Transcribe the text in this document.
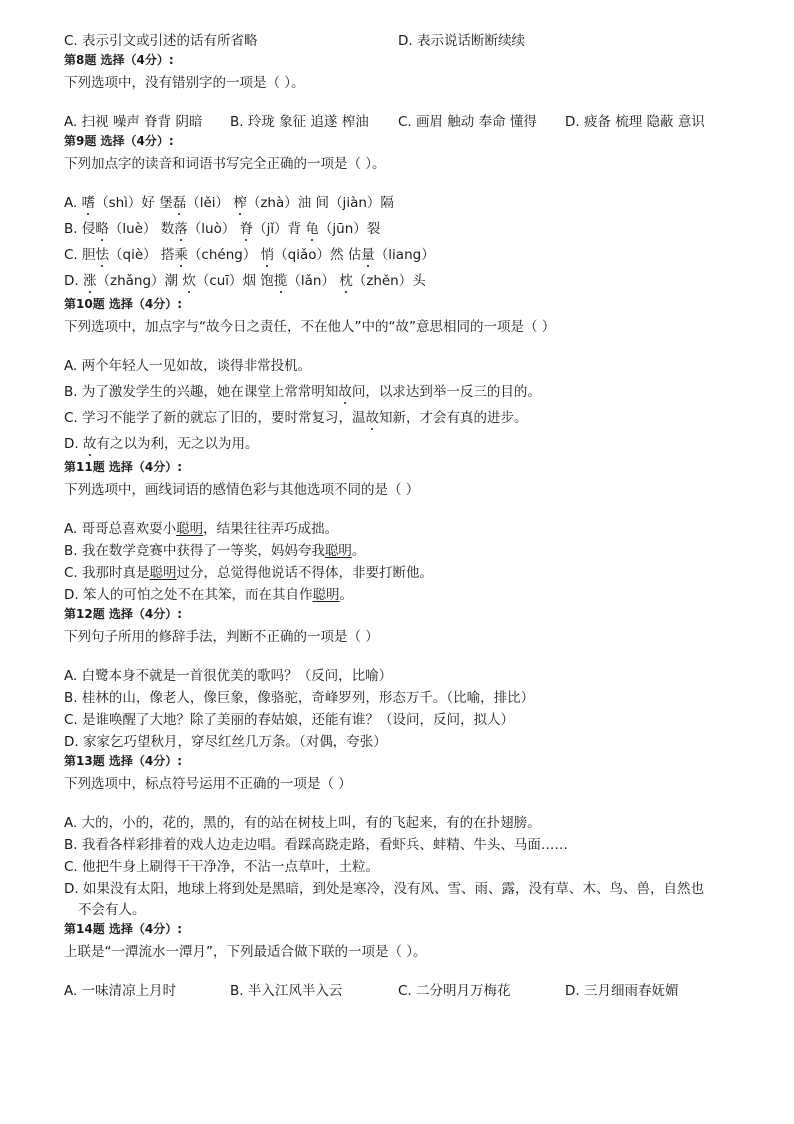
C. 表示引文或引述的话有所省略	D. 表示说话断断续续
第8题 选择（4分）:
下列选项中，没有错别字的一项是（ ）。
A. 扫视 噪声 脊背 阴暗 B. 玲珑 象征 追遂 榨油 C. 画眉 触动 奉命 懂得 D. 疲备 梳理 隐蔽 意识
第9题 选择（4分）:
下列加点字的读音和词语书写完全正确的一项是（ ）。
A. 嗜（shì）好 堡磊（lěi） 榨（zhà）油 间（jiàn）隔
B. 侵略（luè） 数落（luò） 脊（jǐ）背 龟（jūn）裂
C. 胆怯（qiè） 搭乘（chéng） 悄（qiǎo）然 估量（liang）
D. 涨（zhǎng）潮 炊（cuī）烟 饱揽（lǎn） 枕（zhěn）头
第10题 选择（4分）:
下列选项中，加点字与“故今日之责任，不在他人”中的“故”意思相同的一项是（ ）
A. 两个年轻人一见如故，谈得非常投机。
B. 为了激发学生的兴趣，她在课堂上常常明知故问，以求达到举一反三的目的。
C. 学习不能学了新的就忘了旧的，要时常复习，温故知新，才会有真的进步。
D. 故有之以为利，无之以为用。
第11题 选择（4分）:
下列选项中，画线词语的感情色彩与其他选项不同的是（ ）
A. 哥哥总喜欢耍小聪明，结果往往弄巧成拙。
B. 我在数学竞赛中获得了一等奖，妈妈夸我聪明。
C. 我那时真是聪明过分，总觉得他说话不得体，非要打断他。
D. 笨人的可怕之处不在其笨，而在其自作聪明。
第12题 选择（4分）:
下列句子所用的修辞手法，判断不正确的一项是（ ）
A. 白鹭本身不就是一首很优美的歌吗？（反问，比喻）
B. 桂林的山，像老人，像巨象，像骆驼，奇峰罗列，形态万千。（比喻，排比）
C. 是谁唤醒了大地？除了美丽的春姑娘，还能有谁？（设问，反问，拟人）
D. 家家乞巧望秋月，穿尽红丝几万条。（对偶，夸张）
第13题 选择（4分）:
下列选项中，标点符号运用不正确的一项是（ ）
A. 大的，小的，花的，黑的，有的站在树枝上叫，有的飞起来，有的在扑翅膀。
B. 我看各样彩排着的戏人边走边唱。看踩高跷走路，看虾兵、蚌精、牛头、马面……
C. 他把牛身上刷得干干净净，不沾一点草叶，土粒。
D. 如果没有太阳，地球上将到处是黑暗，到处是寒冷，没有风、雪、雨、露，没有草、木、鸟、兽，自然也
不会有人。
第14题 选择（4分）:
上联是“一潭流水一潭月”，下列最适合做下联的一项是（ ）。
A. 一味清凉上月时	B. 半入江风半入云	C. 二分明月万梅花	D. 三月细雨春妩媚
